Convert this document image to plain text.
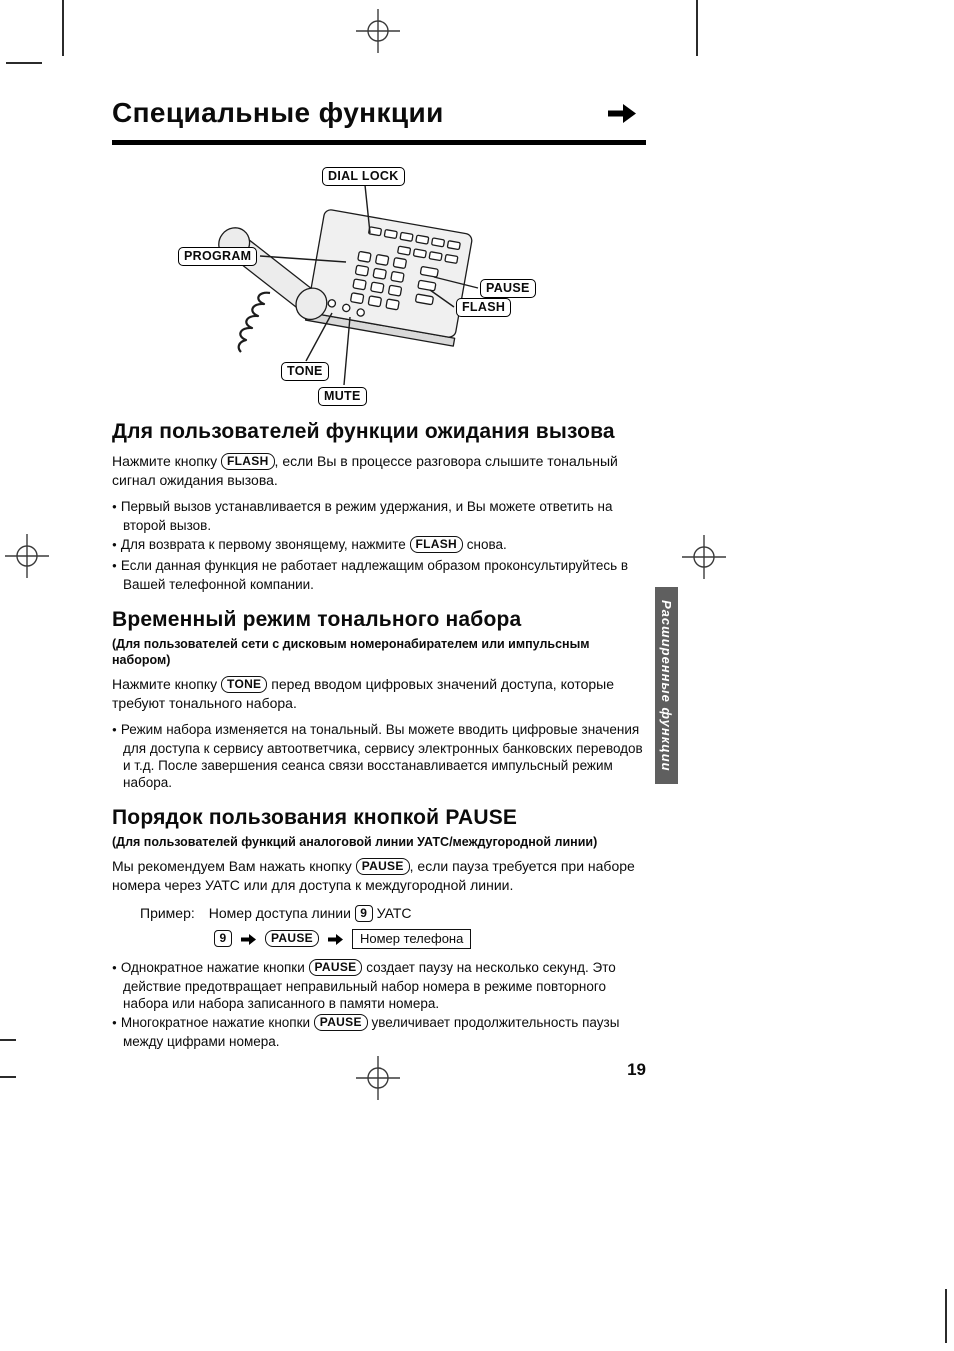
Специальные функции
DIAL LOCK
PROGRAM
PAUSE
FLASH
TONE
MUTE
Для пользователей функции ожидания вызова

Нажмите кнопку FLASH , если Вы в процессе разговора слышите тональный сигнал ожидания вызова.

● Первый вызов устанавливается в режим удержания, и Вы можете ответить на второй вызов.
● Для возврата к первому звонящему, нажмите FLASH снова.
● Если данная функция не работает надлежащим образом проконсультируйтесь в Вашей телефонной компании.
Временный режим тонального набора
(Для пользователей сети с дисковым номеронабирателем или импульсным набором)

Нажмите кнопку TONE перед вводом цифровых значений доступа, которые требуют тонального набора.

● Режим набора изменяется на тональный. Вы можете вводить цифровые значения для доступа к сервису автоответчика, сервису электронных банковских переводов и т.д. После завершения сеанса связи восстанавливается импульсный режим набора.
Порядок пользования кнопкой PAUSE
(Для пользователей функций аналоговой линии УАТС/междугородной линии)

Мы рекомендуем Вам нажать кнопку PAUSE , если пауза требуется при наборе номера через УАТС или для доступа к междугородной линии.

Пример: Номер доступа линии 9 УАТС
9	PAUSE	Номер телефона
● Однократное нажатие кнопки PAUSE создает паузу на несколько секунд. Это действие предотвращает неправильный набор номера в режиме повторного набора или набора записанного в памяти номера.
● Многократное нажатие кнопки PAUSE увеличивает продолжительность паузы между цифрами номера.
19
Расширенные функции
